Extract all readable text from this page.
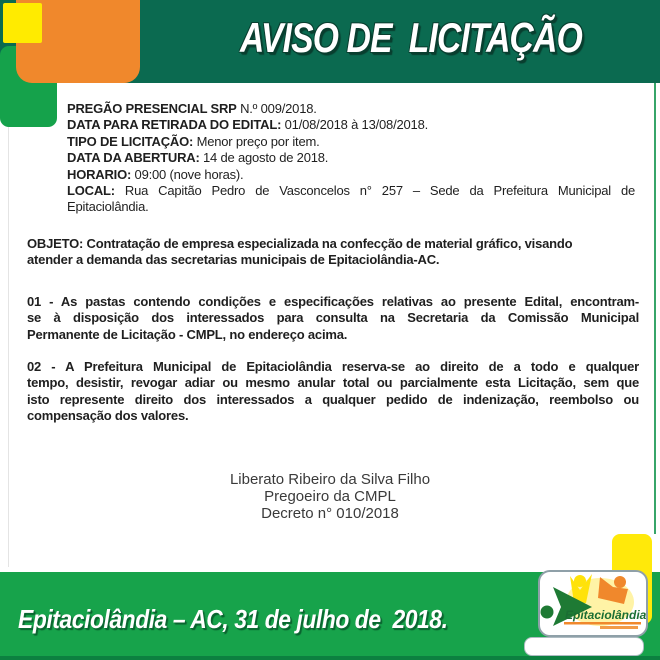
AVISO DE  LICITAÇÃO
PREGÃO PRESENCIAL SRP N.º 009/2018.
DATA PARA RETIRADA DO EDITAL: 01/08/2018 à 13/08/2018.
TIPO DE LICITAÇÃO: Menor preço por item.
DATA DA ABERTURA: 14 de agosto de 2018.
HORARIO: 09:00 (nove horas).
LOCAL: Rua Capitão Pedro de Vasconcelos n° 257 – Sede da Prefeitura Municipal de
Epitaciolândia.
OBJETO: Contratação de empresa especializada na confecção de material gráfico, visando
atender a demanda das secretarias municipais de Epitaciolândia-AC.
01 - As pastas contendo condições e especificações relativas ao presente Edital, encontram-
se à disposição dos interessados para consulta na Secretaria da Comissão Municipal
Permanente de Licitação - CMPL, no endereço acima.
02 - A Prefeitura Municipal de Epitaciolândia reserva-se ao direito de a todo e qualquer
tempo, desistir, revogar adiar ou mesmo anular total ou parcialmente esta Licitação, sem que
isto represente direito dos interessados a qualquer pedido de indenização, reembolso ou
compensação dos valores.
Liberato Ribeiro da Silva Filho
Pregoeiro da CMPL
Decreto n° 010/2018
Epitaciolândia – AC, 31 de julho de  2018.	Epitaciolândia
